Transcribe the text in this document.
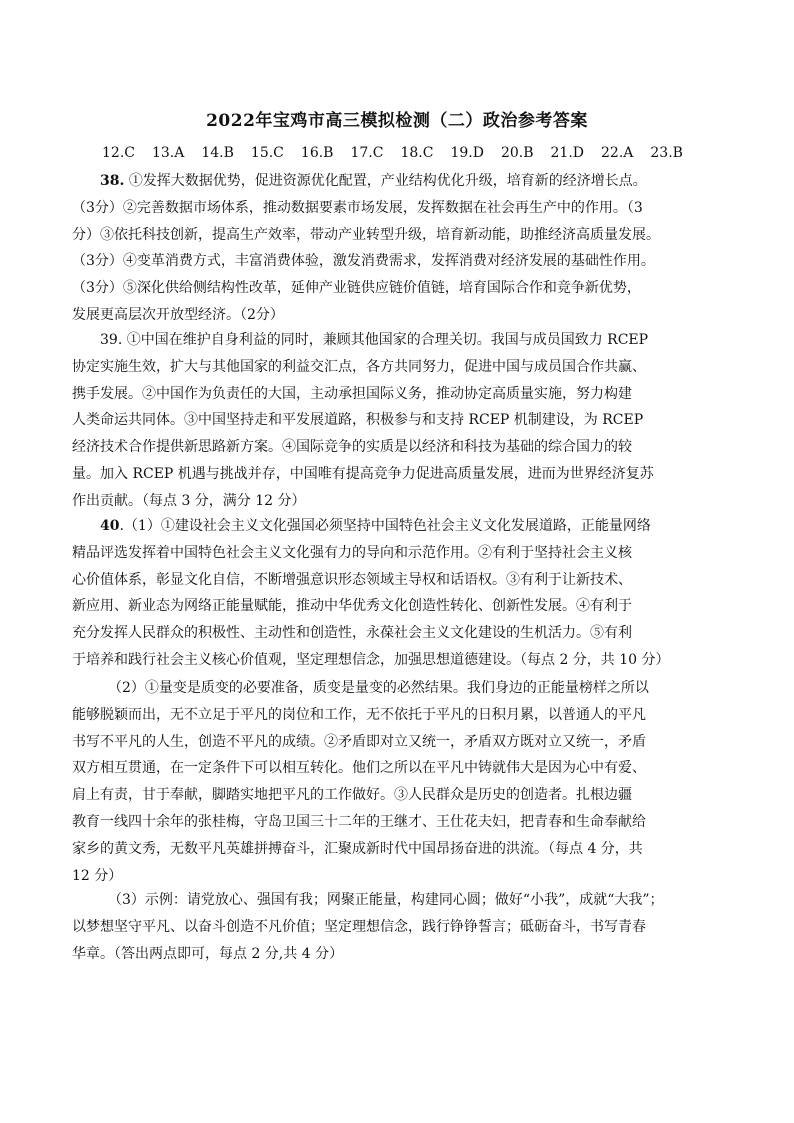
2022年宝鸡市高三模拟检测（二）政治参考答案
12.C 13.A 14.B 15.C 16.B 17.C 18.C 19.D 20.B 21.D 22.A 23.B
38. ①发挥大数据优势，促进资源优化配置，产业结构优化升级，培育新的经济增长点。
（3分）②完善数据市场体系，推动数据要素市场发展，发挥数据在社会再生产中的作用。（3
分）③依托科技创新，提高生产效率，带动产业转型升级，培育新动能，助推经济高质量发展。
（3分）④变革消费方式，丰富消费体验，激发消费需求，发挥消费对经济发展的基础性作用。
（3分）⑤深化供给侧结构性改革，延伸产业链供应链价值链，培育国际合作和竞争新优势，
发展更高层次开放型经济。（2分）
39. ①中国在维护自身利益的同时，兼顾其他国家的合理关切。我国与成员国致力 RCEP
协定实施生效，扩大与其他国家的利益交汇点，各方共同努力，促进中国与成员国合作共赢、
携手发展。②中国作为负责任的大国，主动承担国际义务，推动协定高质量实施，努力构建
人类命运共同体。③中国坚持走和平发展道路，积极参与和支持 RCEP 机制建设，为 RCEP
经济技术合作提供新思路新方案。④国际竞争的实质是以经济和科技为基础的综合国力的较
量。加入 RCEP 机遇与挑战并存，中国唯有提高竞争力促进高质量发展，进而为世界经济复苏
作出贡献。（每点 3 分，满分 12 分）
40.（1）①建设社会主义文化强国必须坚持中国特色社会主义文化发展道路，正能量网络
精品评选发挥着中国特色社会主义文化强有力的导向和示范作用。②有利于坚持社会主义核
心价值体系，彰显文化自信，不断增强意识形态领域主导权和话语权。③有利于让新技术、
新应用、新业态为网络正能量赋能，推动中华优秀文化创造性转化、创新性发展。④有利于
充分发挥人民群众的积极性、主动性和创造性，永葆社会主义文化建设的生机活力。⑤有利
于培养和践行社会主义核心价值观，坚定理想信念，加强思想道德建设。（每点 2 分，共 10 分）
（2）①量变是质变的必要准备，质变是量变的必然结果。我们身边的正能量榜样之所以
能够脱颖而出，无不立足于平凡的岗位和工作，无不依托于平凡的日积月累，以普通人的平凡
书写不平凡的人生，创造不平凡的成绩。②矛盾即对立又统一，矛盾双方既对立又统一，矛盾
双方相互贯通，在一定条件下可以相互转化。他们之所以在平凡中铸就伟大是因为心中有爱、
肩上有责，甘于奉献，脚踏实地把平凡的工作做好。③人民群众是历史的创造者。扎根边疆
教育一线四十余年的张桂梅，守岛卫国三十二年的王继才、王仕花夫妇，把青春和生命奉献给
家乡的黄文秀，无数平凡英雄拼搏奋斗，汇聚成新时代中国昂扬奋进的洪流。（每点 4 分，共
12 分）
（3）示例：请党放心、强国有我；网聚正能量，构建同心圆；做好“小我”，成就“大我”；
以梦想坚守平凡、以奋斗创造不凡价值；坚定理想信念，践行铮铮誓言；砥砺奋斗，书写青春
华章。（答出两点即可，每点 2 分,共 4 分）
